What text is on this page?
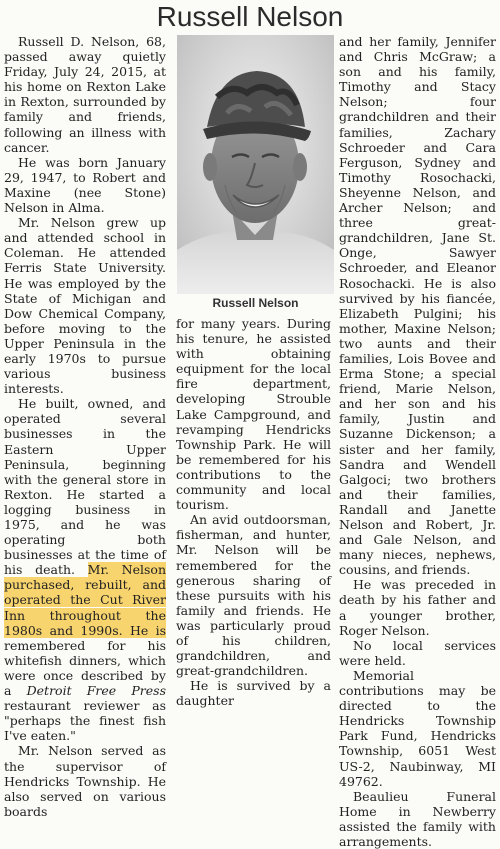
Russell Nelson

Russell D. Nelson, 68, passed away quietly Friday, July 24, 2015, at his home on Rexton Lake in Rexton, surrounded by family and friends, following an illness with cancer.

He was born January 29, 1947, to Robert and Maxine (nee Stone) Nelson in Alma.

Mr. Nelson grew up and attended school in Coleman. He attended Ferris State University. He was employed by the State of Michigan and Dow Chemical Company, before moving to the Upper Peninsula in the early 1970s to pursue various business interests.

He built, owned, and operated several businesses in the Eastern Upper Peninsula, beginning with the general store in Rexton. He started a logging business in 1975, and he was operating both businesses at the time of his death. Mr. Nelson purchased, rebuilt, and operated the Cut River Inn throughout the 1980s and 1990s. He is remembered for his whitefish dinners, which were once described by a Detroit Free Press restaurant reviewer as "perhaps the finest fish I've eaten."

Mr. Nelson served as the supervisor of Hendricks Township. He also served on various boards

Russell Nelson

for many years. During his tenure, he assisted with obtaining equipment for the local fire department, developing Strouble Lake Campground, and revamping Hendricks Township Park. He will be remembered for his contributions to the community and local tourism.

An avid outdoorsman, fisherman, and hunter, Mr. Nelson will be remembered for the generous sharing of these pursuits with his family and friends. He was particularly proud of his children, grandchildren, and great-grandchildren.

He is survived by a daughter

and her family, Jennifer and Chris McGraw; a son and his family, Timothy and Stacy Nelson; four grandchildren and their families, Zachary Schroeder and Cara Ferguson, Sydney and Timothy Rosochacki, Sheyenne Nelson, and Archer Nelson; and three great-grandchildren, Jane St. Onge, Sawyer Schroeder, and Eleanor Rosochacki. He is also survived by his fiancée, Elizabeth Pulgini; his mother, Maxine Nelson; two aunts and their families, Lois Bovee and Erma Stone; a special friend, Marie Nelson, and her son and his family, Justin and Suzanne Dickenson; a sister and her family, Sandra and Wendell Galgoci; two brothers and their families, Randall and Janette Nelson and Robert, Jr. and Gale Nelson, and many nieces, nephews, cousins, and friends.

He was preceded in death by his father and a younger brother, Roger Nelson.

No local services were held.

Memorial contributions may be directed to the Hendricks Township Park Fund, Hendricks Township, 6051 West US-2, Naubinway, MI 49762.

Beaulieu Funeral Home in Newberry assisted the family with arrangements.
